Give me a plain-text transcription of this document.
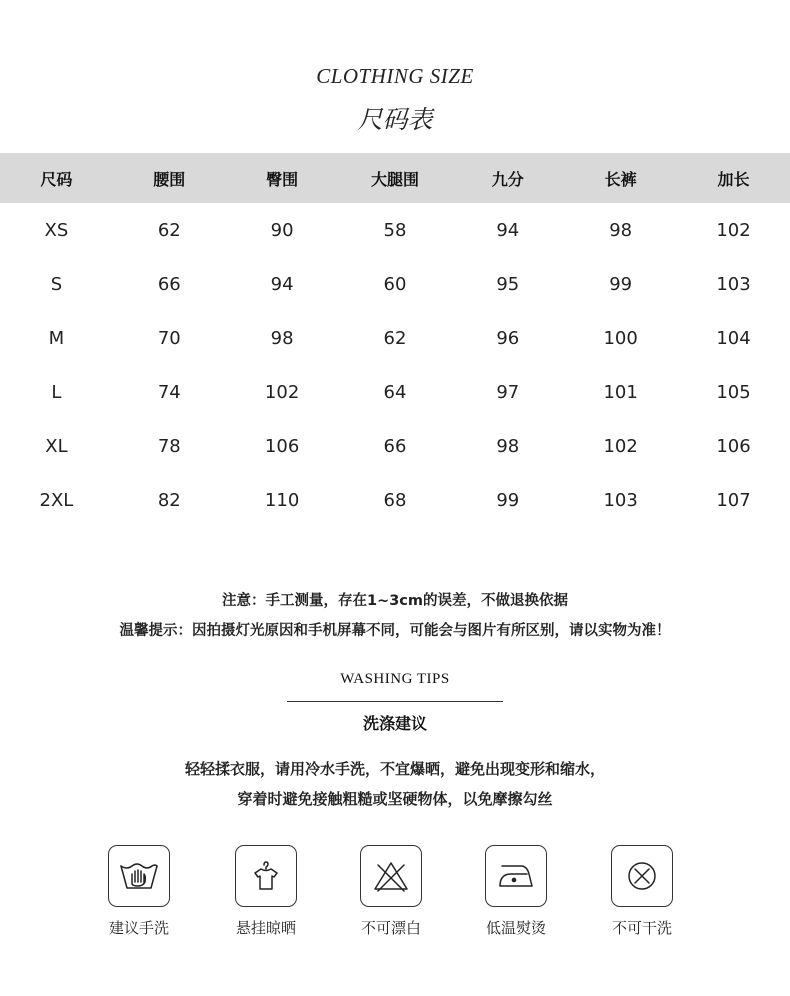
CLOTHING SIZE
尺码表
尺码	腰围	臀围	大腿围	九分	长裤	加长
XS	62	90	58	94	98	102
S	66	94	60	95	99	103
M	70	98	62	96	100	104
L	74	102	64	97	101	105
XL	78	106	66	98	102	106
2XL	82	110	68	99	103	107
注意：手工测量，存在1~3cm的误差，不做退换依据
温馨提示：因拍摄灯光原因和手机屏幕不同，可能会与图片有所区别，请以实物为准！
WASHING TIPS
洗涤建议
轻轻揉衣服，请用冷水手洗，不宜爆晒，避免出现变形和缩水，
穿着时避免接触粗糙或坚硬物体，以免摩擦勾丝
建议手洗	悬挂晾晒	不可漂白	低温熨烫	不可干洗
